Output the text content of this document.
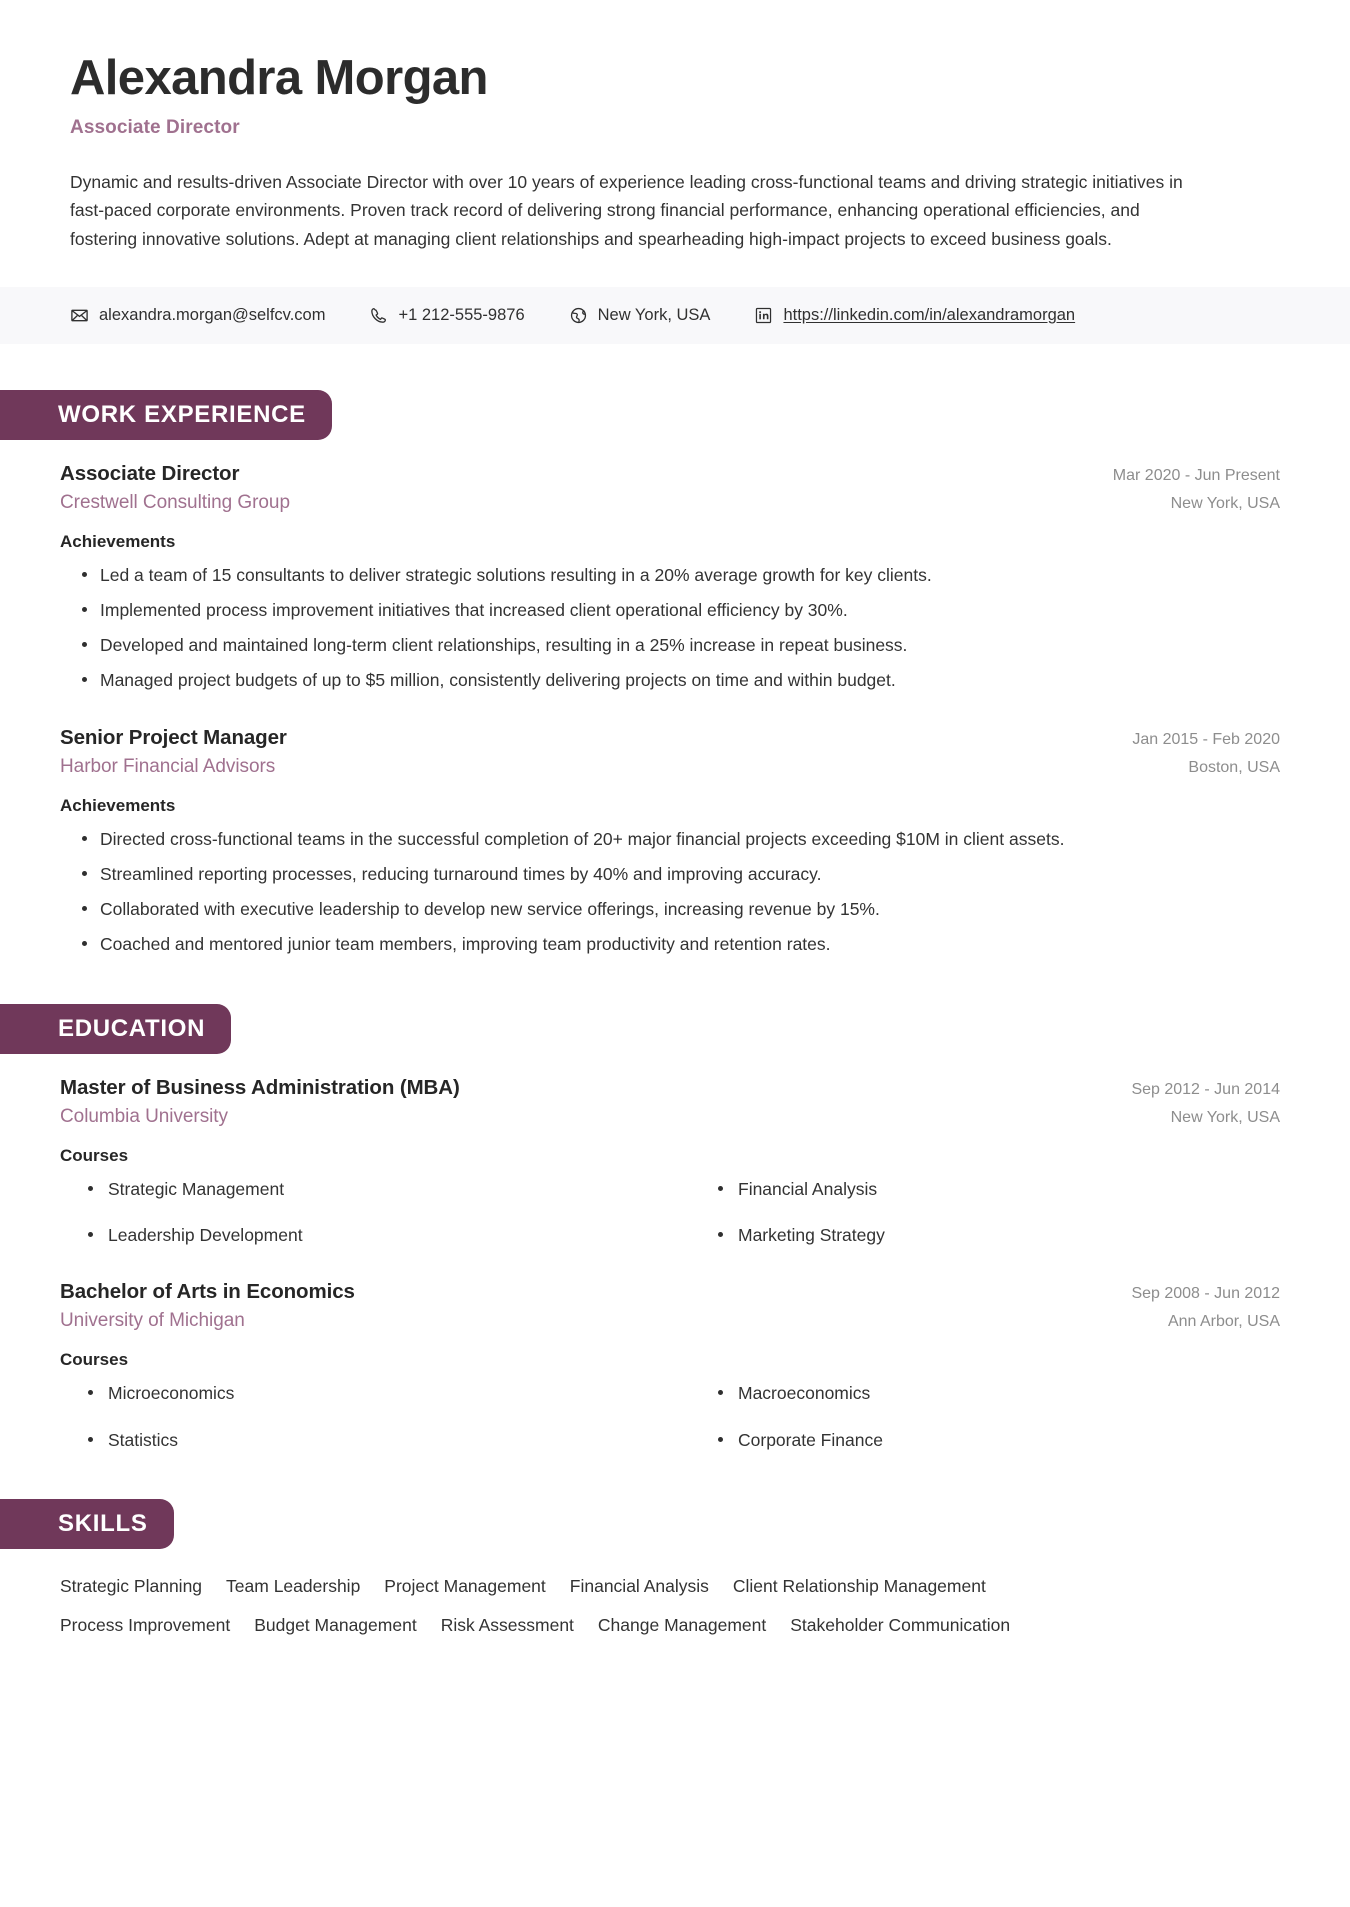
Alexandra Morgan
Associate Director

Dynamic and results-driven Associate Director with over 10 years of experience leading cross-functional teams and driving strategic initiatives in fast-paced corporate environments. Proven track record of delivering strong financial performance, enhancing operational efficiencies, and fostering innovative solutions. Adept at managing client relationships and spearheading high-impact projects to exceed business goals.

alexandra.morgan@selfcv.com	+1 212-555-9876	New York, USA	https://linkedin.com/in/alexandramorgan
WORK EXPERIENCE
Associate Director	Mar 2020 - Jun Present
Crestwell Consulting Group	New York, USA
Achievements
Led a team of 15 consultants to deliver strategic solutions resulting in a 20% average growth for key clients.
Implemented process improvement initiatives that increased client operational efficiency by 30%.
Developed and maintained long-term client relationships, resulting in a 25% increase in repeat business.
Managed project budgets of up to $5 million, consistently delivering projects on time and within budget.
Senior Project Manager	Jan 2015 - Feb 2020
Harbor Financial Advisors	Boston, USA
Achievements
Directed cross-functional teams in the successful completion of 20+ major financial projects exceeding $10M in client assets.
Streamlined reporting processes, reducing turnaround times by 40% and improving accuracy.
Collaborated with executive leadership to develop new service offerings, increasing revenue by 15%.
Coached and mentored junior team members, improving team productivity and retention rates.
EDUCATION
Master of Business Administration (MBA)	Sep 2012 - Jun 2014
Columbia University	New York, USA
Courses
Strategic Management	Financial Analysis
Leadership Development	Marketing Strategy
Bachelor of Arts in Economics	Sep 2008 - Jun 2012
University of Michigan	Ann Arbor, USA
Courses
Microeconomics	Macroeconomics
Statistics	Corporate Finance
SKILLS
Strategic Planning Team Leadership Project Management Financial Analysis Client Relationship Management
Process Improvement Budget Management Risk Assessment Change Management Stakeholder Communication
